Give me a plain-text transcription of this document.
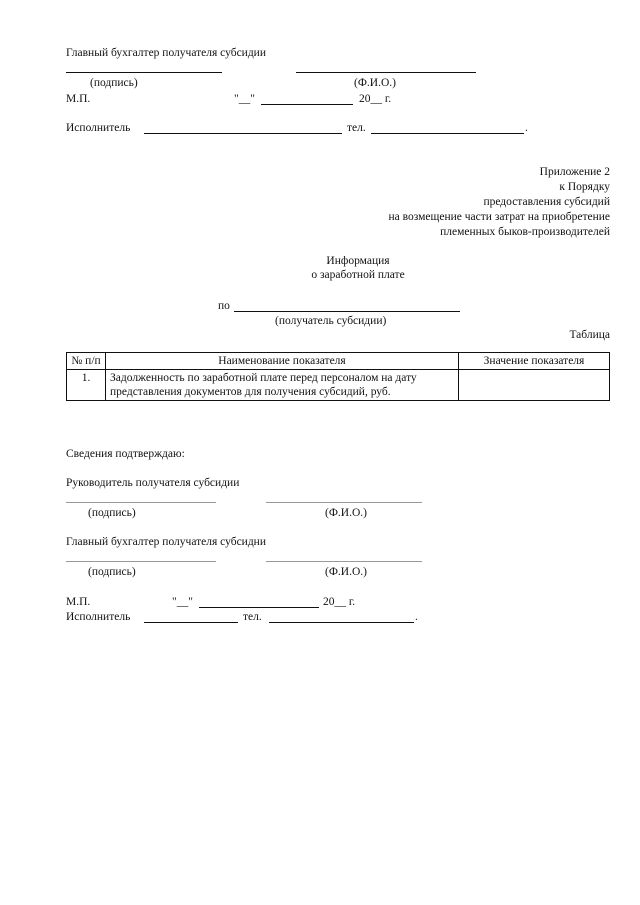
Главный бухгалтер получателя субсидии
(подпись)	(Ф.И.О.)
М.П.	"__"	20__ г.
Исполнитель	тел.	.
Приложение 2
к Порядку
предоставления субсидий
на возмещение части затрат на приобретение
племенных быков-производителей
Информация
о заработной плате
по
(получатель субсидии)
Таблица
№ п/п	Наименование показателя	Значение показателя
1.	Задолженность по заработной плате перед персоналом на дату представления документов для получения субсидий, руб.	
Сведения подтверждаю:
Руководитель получателя субсидии
(подпись)	(Ф.И.О.)
Главный бухгалтер получателя субсидни
(подпись)	(Ф.И.О.)
М.П.	"__"	20__ г.
Исполнитель	тел.	.
